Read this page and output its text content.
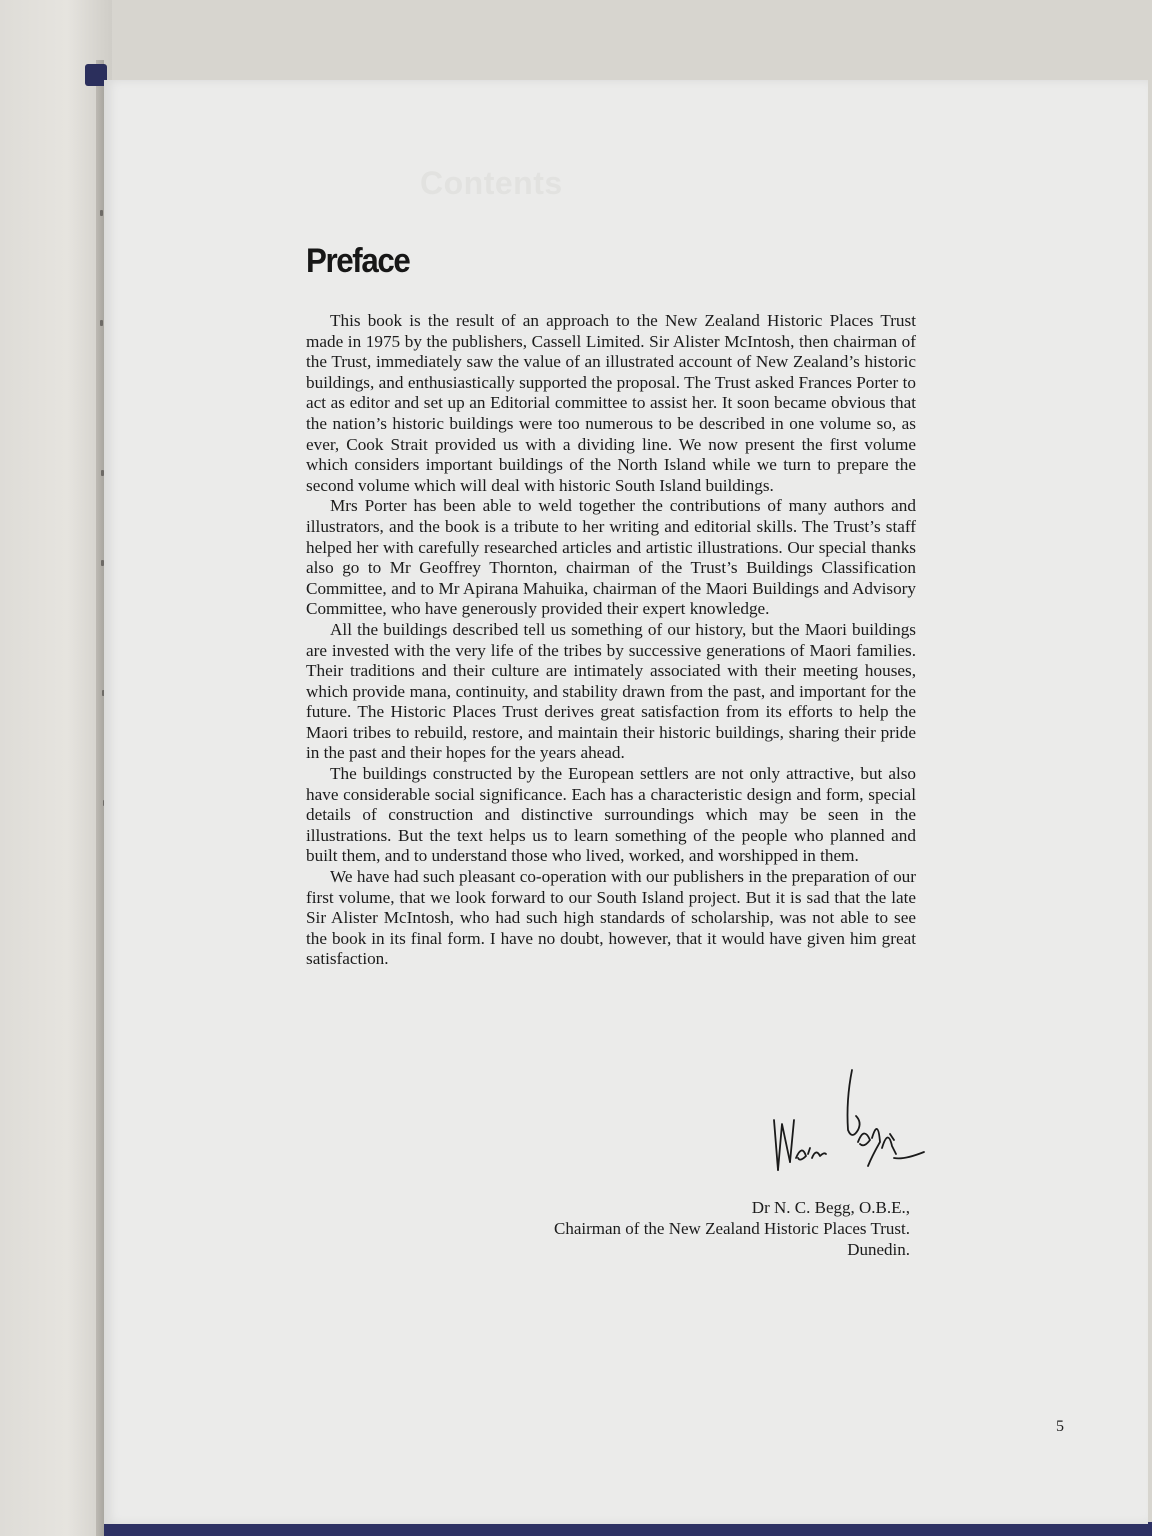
Contents
Preface

This book is the result of an approach to the New Zealand Historic Places Trust made in 1975 by the publishers, Cassell Limited. Sir Alister McIntosh, then chairman of the Trust, immediately saw the value of an illustrated account of New Zealand’s historic buildings, and enthusiastically supported the proposal. The Trust asked Frances Porter to act as editor and set up an Editorial committee to assist her. It soon became obvious that the nation’s historic buildings were too numerous to be described in one volume so, as ever, Cook Strait provided us with a dividing line. We now present the first volume which considers important buildings of the North Island while we turn to prepare the second volume which will deal with historic South Island buildings.

Mrs Porter has been able to weld together the contributions of many authors and illustrators, and the book is a tribute to her writing and editorial skills. The Trust’s staff helped her with carefully researched articles and artistic illustrations. Our special thanks also go to Mr Geoffrey Thornton, chairman of the Trust’s Buildings Classification Committee, and to Mr Apirana Mahuika, chairman of the Maori Buildings and Advisory Committee, who have generously provided their expert knowledge.

All the buildings described tell us something of our history, but the Maori buildings are invested with the very life of the tribes by successive generations of Maori families. Their traditions and their culture are intimately associated with their meeting houses, which provide mana, continuity, and stability drawn from the past, and important for the future. The Historic Places Trust derives great satisfaction from its efforts to help the Maori tribes to rebuild, restore, and maintain their historic buildings, sharing their pride in the past and their hopes for the years ahead.

The buildings constructed by the European settlers are not only attractive, but also have considerable social significance. Each has a characteristic design and form, special details of construction and distinctive surroundings which may be seen in the illustrations. But the text helps us to learn something of the people who planned and built them, and to understand those who lived, worked, and worshipped in them.

We have had such pleasant co-operation with our publishers in the preparation of our first volume, that we look forward to our South Island project. But it is sad that the late Sir Alister McIntosh, who had such high standards of scholarship, was not able to see the book in its final form. I have no doubt, however, that it would have given him great satisfaction.

Dr N. C. Begg, O.B.E.,
Chairman of the New Zealand Historic Places Trust.
Dunedin.
5
